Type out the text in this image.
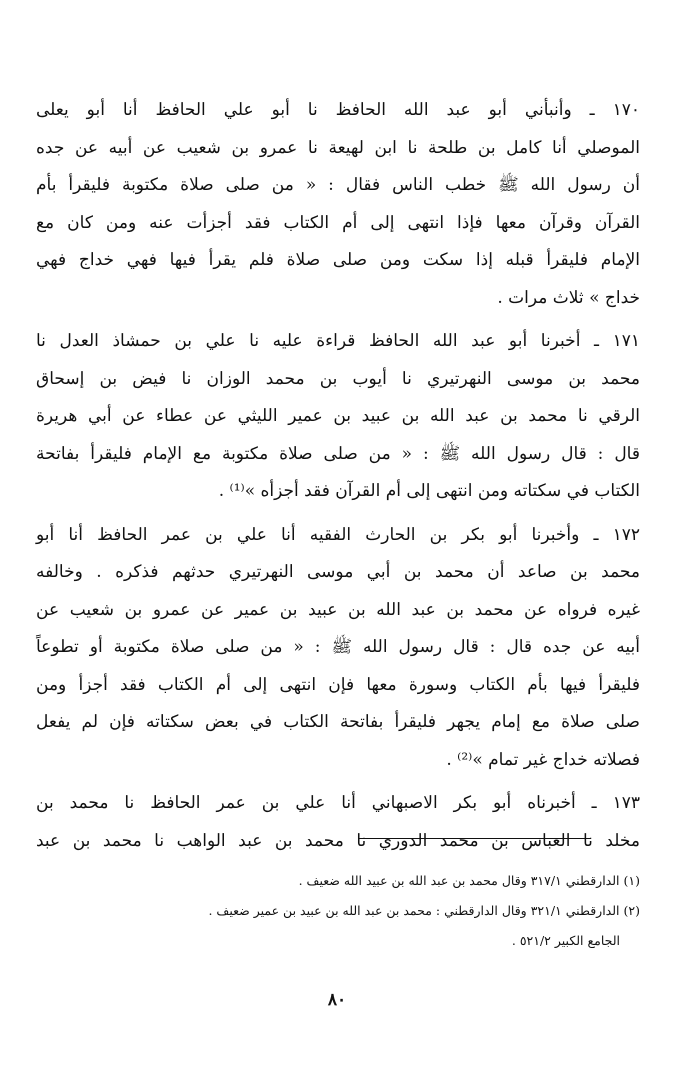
١٧٠ ـ وأنبأني أبو عبد الله الحافظ نا أبو علي الحافظ أنا أبو يعلى
الموصلي أنا كامل بن طلحة نا ابن لهيعة نا عمرو بن شعيب عن أبيه عن جده
أن رسول الله ﷺ خطب الناس فقال : « من صلى صلاة مكتوبة فليقرأ بأم
القرآن وقرآن معها فإذا انتهى إلى أم الكتاب فقد أجزأت عنه ومن كان مع
الإمام فليقرأ قبله إذا سكت ومن صلى صلاة فلم يقرأ فيها فهي خداج فهي
خداج » ثلاث مرات .

١٧١ ـ أخبرنا أبو عبد الله الحافظ قراءة عليه نا علي بن حمشاذ العدل نا
محمد بن موسى النهرتيري نا أيوب بن محمد الوزان نا فيض بن إسحاق
الرقي نا محمد بن عبد الله بن عبيد بن عمير الليثي عن عطاء عن أبي هريرة
قال : قال رسول الله ﷺ : « من صلى صلاة مكتوبة مع الإمام فليقرأ بفاتحة
الكتاب في سكتاته ومن انتهى إلى أم القرآن فقد أجزأه »⁽¹⁾ .

١٧٢ ـ وأخبرنا أبو بكر بن الحارث الفقيه أنا علي بن عمر الحافظ أنا أبو
محمد بن صاعد أن محمد بن أبي موسى النهرتيري حدثهم فذكره . وخالفه
غيره فرواه عن محمد بن عبد الله بن عبيد بن عمير عن عمرو بن شعيب عن
أبيه عن جده قال : قال رسول الله ﷺ : « من صلى صلاة مكتوبة أو تطوعاً
فليقرأ فيها بأم الكتاب وسورة معها فإن انتهى إلى أم الكتاب فقد أجزأ ومن
صلى صلاة مع إمام يجهر فليقرأ بفاتحة الكتاب في بعض سكتاته فإن لم يفعل
فصلاته خداج غير تمام »⁽²⁾ .

١٧٣ ـ أخبرناه أبو بكر الاصبهاني أنا علي بن عمر الحافظ نا محمد بن
مخلد نا العباس بن محمد الدوري نا محمد بن عبد الواهب نا محمد بن عبد

(١) الدارقطني ٣١٧/١ وقال محمد بن عبد الله بن عبيد الله ضعيف .
(٢) الدارقطني ٣٢١/١ وقال الدارقطني : محمد بن عبد الله بن عبيد بن عمير ضعيف .
الجامع الكبير ٥٢١/٢ .
٨٠
